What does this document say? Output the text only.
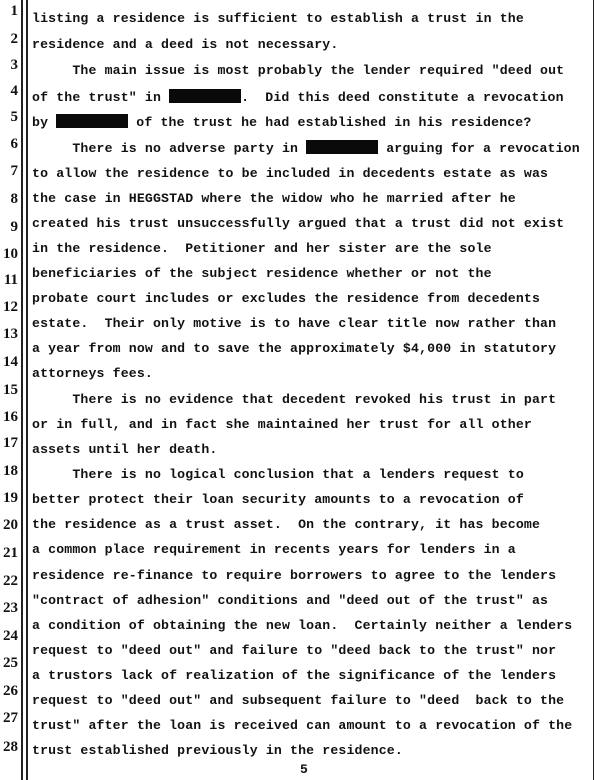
1
2
3
4
5
6
7
8
9
10
11
12
13
14
15
16
17
18
19
20
21
22
23
24
25
26
27
28
listing a residence is sufficient to establish a trust in the
residence and a deed is not necessary.
The main issue is most probably the lender required "deed out
of the trust" in	.  Did this deed constitute a revocation
by	of the trust he had established in his residence?
There is no adverse party in	arguing for a revocation
to allow the residence to be included in decedents estate as was
the case in HEGGSTAD where the widow who he married after he
created his trust unsuccessfully argued that a trust did not exist
in the residence.  Petitioner and her sister are the sole
beneficiaries of the subject residence whether or not the
probate court includes or excludes the residence from decedents
estate.  Their only motive is to have clear title now rather than
a year from now and to save the approximately $4,000 in statutory
attorneys fees.
There is no evidence that decedent revoked his trust in part
or in full, and in fact she maintained her trust for all other
assets until her death.
There is no logical conclusion that a lenders request to
better protect their loan security amounts to a revocation of
the residence as a trust asset.  On the contrary, it has become
a common place requirement in recents years for lenders in a
residence re-finance to require borrowers to agree to the lenders
"contract of adhesion" conditions and "deed out of the trust" as
a condition of obtaining the new loan.  Certainly neither a lenders
request to "deed out" and failure to "deed back to the trust" nor
a trustors lack of realization of the significance of the lenders
request to "deed out" and subsequent failure to "deed  back to the
trust" after the loan is received can amount to a revocation of the
trust established previously in the residence.
5
